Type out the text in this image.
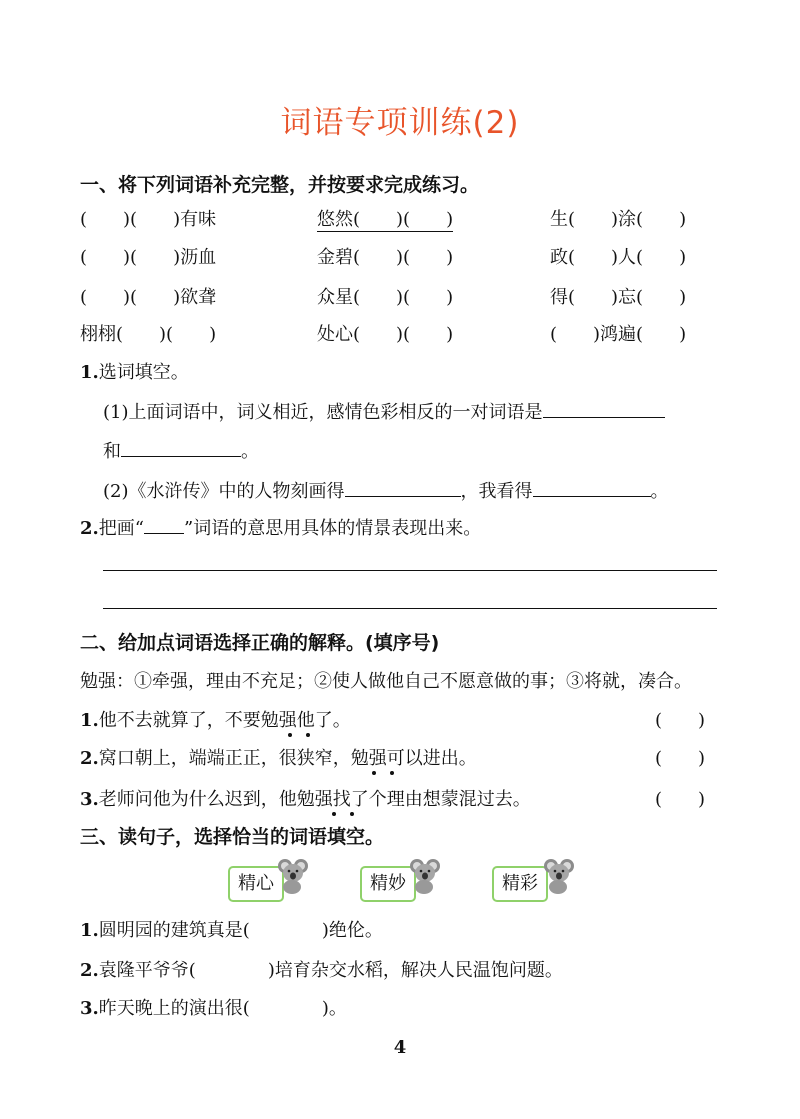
词语专项训练(2)
一、将下列词语补充完整，并按要求完成练习。
(　　)(　　)有味	悠然(　　)(　　)	生(　　)涂(　　)
(　　)(　　)沥血	金碧(　　)(　　)	政(　　)人(　　)
(　　)(　　)欲聋	众星(　　)(　　)	得(　　)忘(　　)
栩栩(　　)(　　)	处心(　　)(　　)	(　　)鸿遍(　　)
1.选词填空。
(1)上面词语中，词义相近，感情色彩相反的一对词语是
和	。
(2)《水浒传》中的人物刻画得	，我看得	。
2.把画“ ”词语的意思用具体的情景表现出来。
二、给加点词语选择正确的解释。(填序号)
勉强：①牵强，理由不充足；②使人做他自己不愿意做的事；③将就，凑合。
1.他不去就算了，不要勉强他了。	(　　)
2.窝口朝上，端端正正，很狭窄，勉强可以进出。	(　　)
3.老师问他为什么迟到，他勉强找了个理由想蒙混过去。	(　　)
三、读句子，选择恰当的词语填空。
精心	精妙	精彩
1.圆明园的建筑真是(　　　　)绝伦。
2.袁隆平爷爷(　　　　)培育杂交水稻，解决人民温饱问题。
3.昨天晚上的演出很(　　　　)。
4
